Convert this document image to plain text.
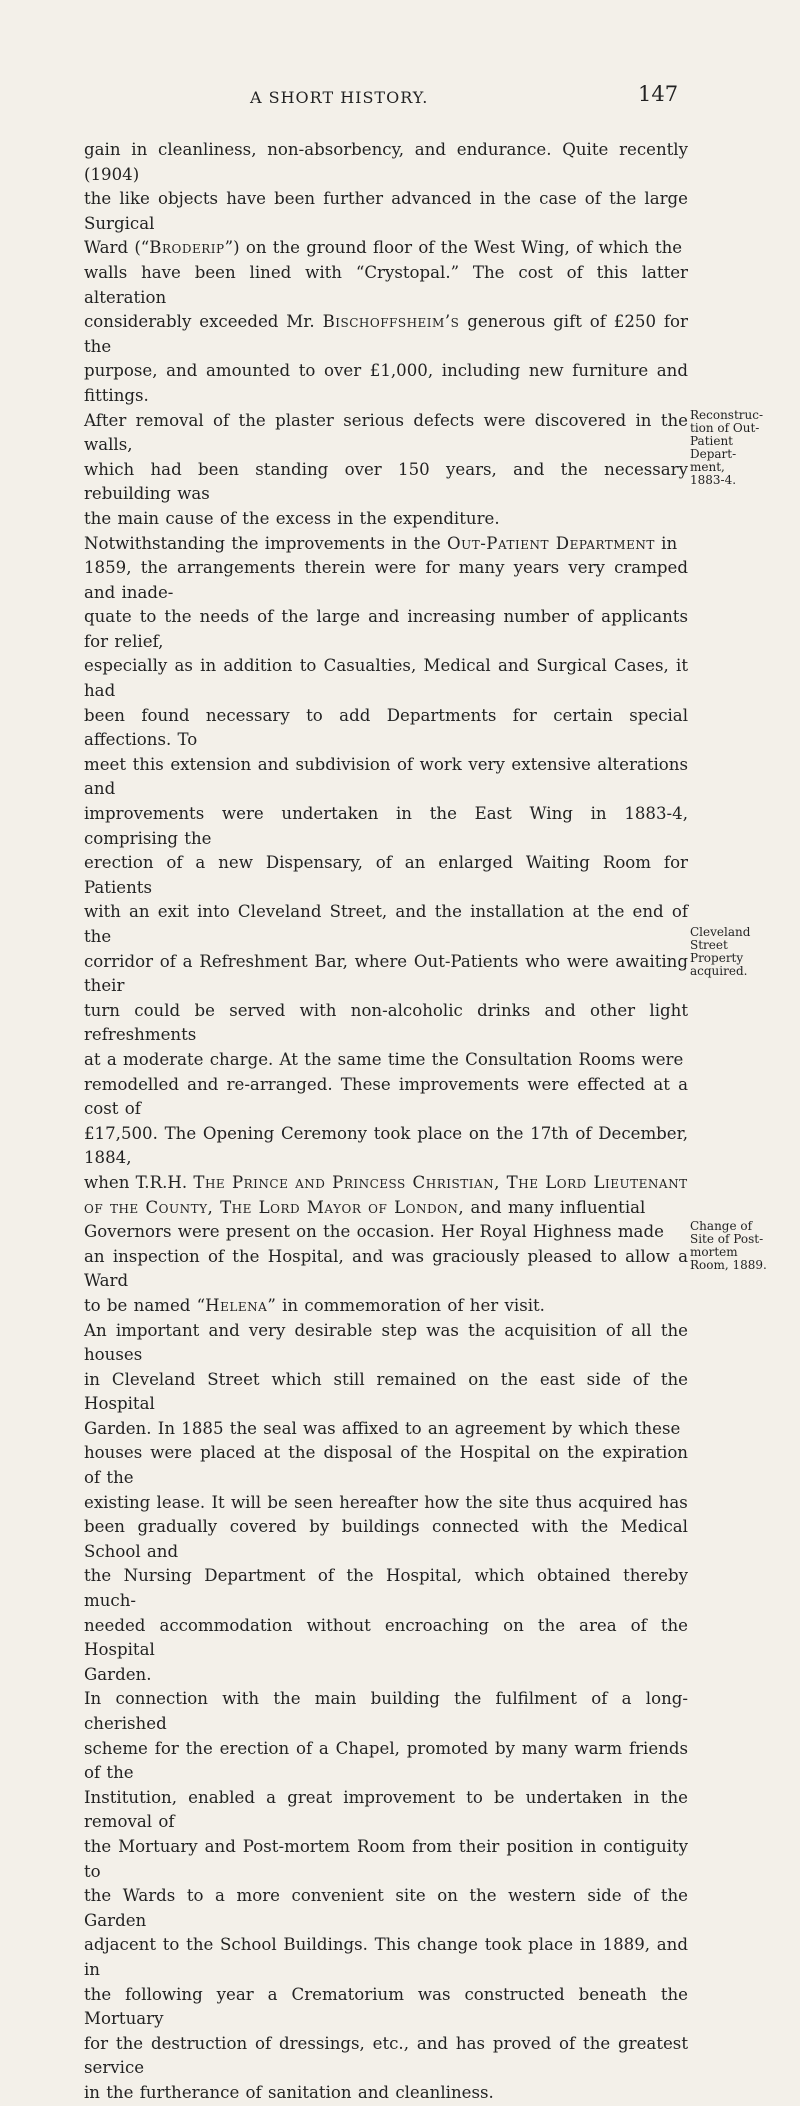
A SHORT HISTORY.	147

gain in cleanliness, non-absorbency, and endurance. Quite recently (1904)
the like objects have been further advanced in the case of the large Surgical
Ward (“Broderip”) on the ground floor of the West Wing, of which the
walls have been lined with “Crystopal.” The cost of this latter alteration
considerably exceeded Mr. Bischoffsheim’s generous gift of £250 for the
purpose, and amounted to over £1,000, including new furniture and fittings.
After removal of the plaster serious defects were discovered in the walls,
which had been standing over 150 years, and the necessary rebuilding was
the main cause of the excess in the expenditure.

Notwithstanding the improvements in the Out-Patient Department in
1859, the arrangements therein were for many years very cramped and inade-
quate to the needs of the large and increasing number of applicants for relief,
especially as in addition to Casualties, Medical and Surgical Cases, it had
been found necessary to add Departments for certain special affections. To
meet this extension and subdivision of work very extensive alterations and
improvements were undertaken in the East Wing in 1883-4, comprising the
erection of a new Dispensary, of an enlarged Waiting Room for Patients
with an exit into Cleveland Street, and the installation at the end of the
corridor of a Refreshment Bar, where Out-Patients who were awaiting their
turn could be served with non-alcoholic drinks and other light refreshments
at a moderate charge. At the same time the Consultation Rooms were
remodelled and re-arranged. These improvements were effected at a cost of
£17,500. The Opening Ceremony took place on the 17th of December, 1884,
when T.R.H. The Prince and Princess Christian, The Lord Lieutenant
of the County, The Lord Mayor of London, and many influential
Governors were present on the occasion. Her Royal Highness made
an inspection of the Hospital, and was graciously pleased to allow a Ward
to be named “Helena” in commemoration of her visit.

An important and very desirable step was the acquisition of all the houses
in Cleveland Street which still remained on the east side of the Hospital
Garden. In 1885 the seal was affixed to an agreement by which these
houses were placed at the disposal of the Hospital on the expiration of the
existing lease. It will be seen hereafter how the site thus acquired has
been gradually covered by buildings connected with the Medical School and
the Nursing Department of the Hospital, which obtained thereby much-
needed accommodation without encroaching on the area of the Hospital
Garden.

In connection with the main building the fulfilment of a long-cherished
scheme for the erection of a Chapel, promoted by many warm friends of the
Institution, enabled a great improvement to be undertaken in the removal of
the Mortuary and Post-mortem Room from their position in contiguity to
the Wards to a more convenient site on the western side of the Garden
adjacent to the School Buildings. This change took place in 1889, and in
the following year a Crematorium was constructed beneath the Mortuary
for the destruction of dressings, etc., and has proved of the greatest service
in the furtherance of sanitation and cleanliness.

Reconstruc-
tion of Out-
Patient
Depart-
ment,
1883-4.
Cleveland
Street
Property
acquired.
Change of
Site of Post-
mortem
Room, 1889.
